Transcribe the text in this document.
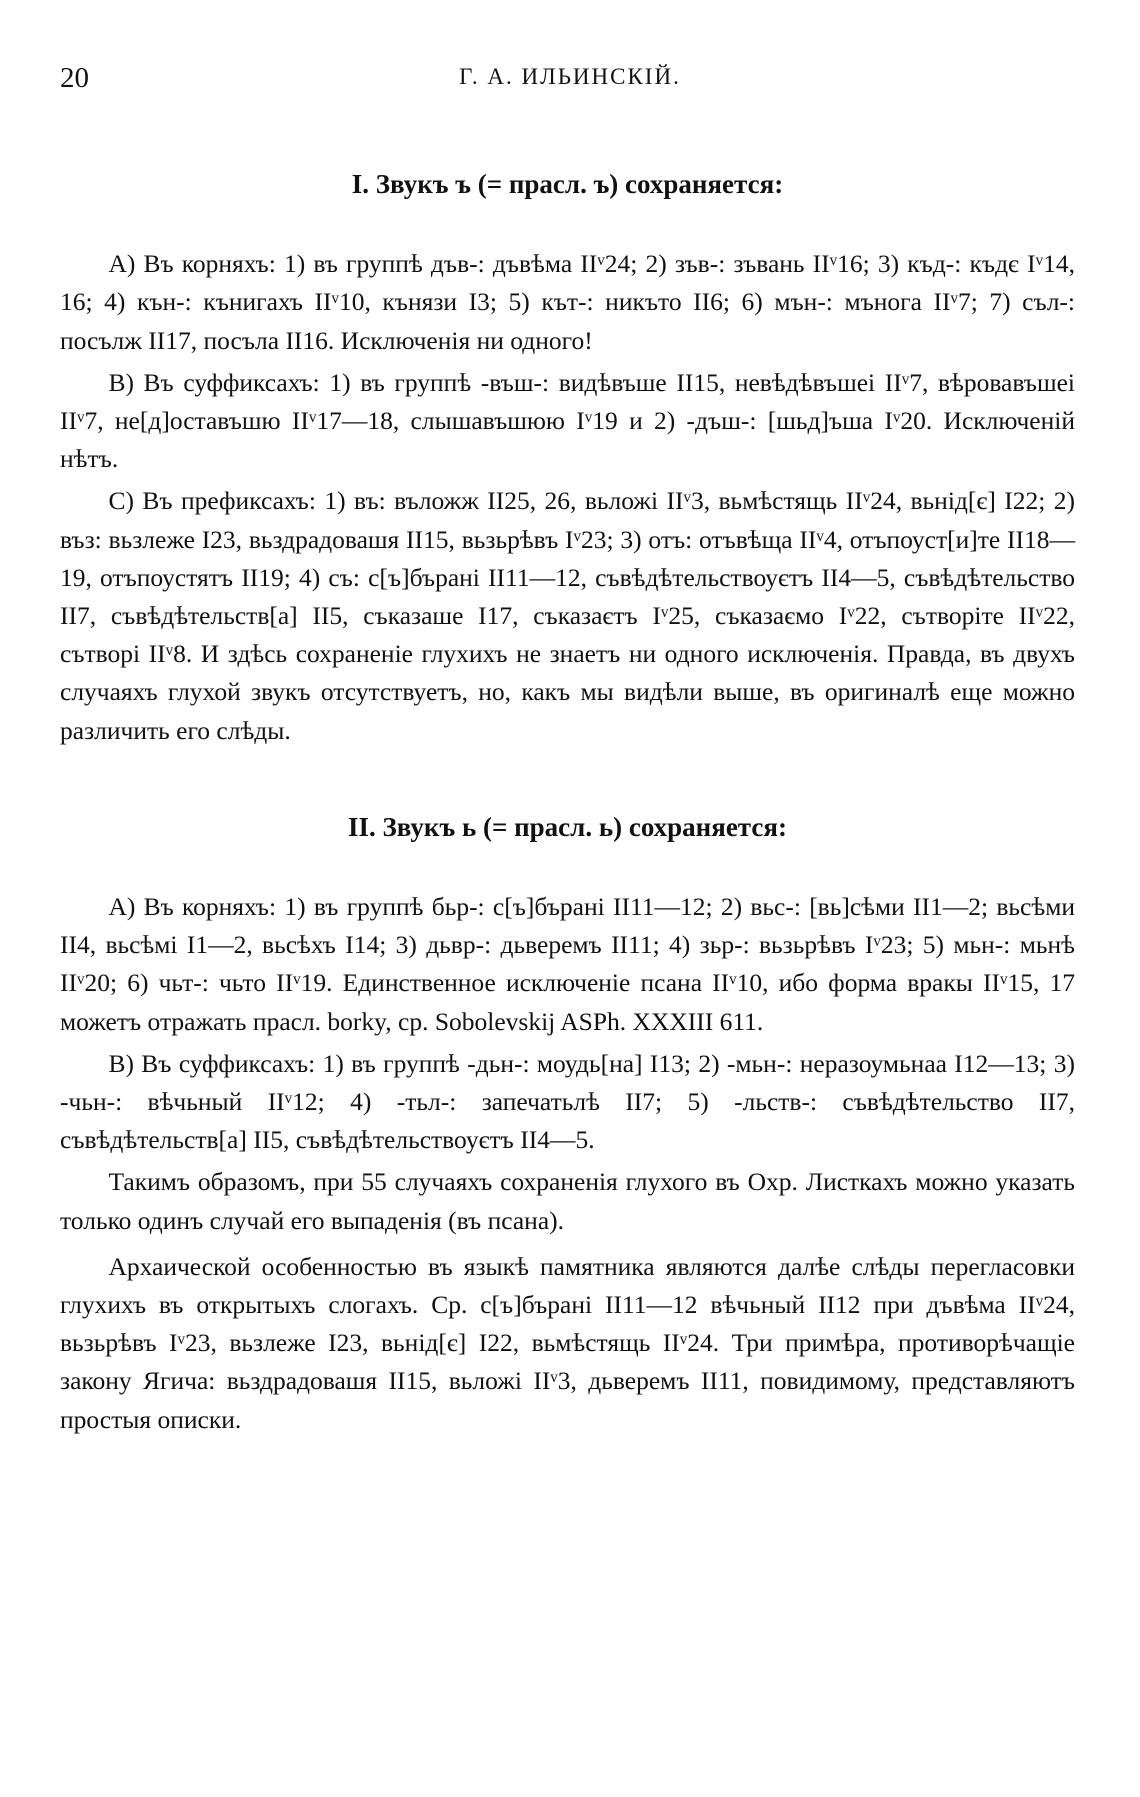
20	Г. А. ИЛЬИНСКІЙ.
I. Звукъ ъ (= прасл. ъ) сохраняется:

А) Въ корняхъ: 1) въ группѣ дъв-: дъвѣма IIᵛ24; 2) зъв-: зъвань IIᵛ16; 3) къд-: къдє Iᵛ14, 16; 4) кън-: кънигахъ IIᵛ10, кънязи I3; 5) кът-: никъто II6; 6) мън-: мънога IIᵛ7; 7) съл-: посълж II17, посъла II16. Исключенія ни одного!

В) Въ суффиксахъ: 1) въ группѣ -въш-: видѣвъше II15, невѣдѣвъшеі IIᵛ7, вѣровавъшеі IIᵛ7, не[д]оставъшю IIᵛ17—18, слышавъшюю Iᵛ19 и 2) -дъш-: [шьд]ъша Iᵛ20. Исключеній нѣтъ.

С) Въ префиксахъ: 1) въ: въложж II25, 26, вьложі IIᵛ3, вьмѣстящь IIᵛ24, вьнід[є] I22; 2) въз: вьзлеже I23, вьздрадовашя II15, вьзьрѣвъ Iᵛ23; 3) отъ: отъвѣща IIᵛ4, отъпоуст[и]те II18—19, отъпоустятъ II19; 4) съ: с[ъ]бърані II11—12, съвѣдѣтельствоуєтъ II4—5, съвѣдѣтельство II7, съвѣдѣтельств[а] II5, съказаше I17, съказаєтъ Iᵛ25, съказаємо Iᵛ22, сътворіте IIᵛ22, сътворі IIᵛ8. И здѣсь сохраненіе глухихъ не знаетъ ни одного исключенія. Правда, въ двухъ случаяхъ глухой звукъ отсутствуетъ, но, какъ мы видѣли выше, въ оригиналѣ еще можно различить его слѣды.

II. Звукъ ь (= прасл. ь) сохраняется:

А) Въ корняхъ: 1) въ группѣ бьр-: с[ъ]бърані II11—12; 2) вьс-: [вь]сѣми II1—2; вьсѣми II4, вьсѣмі I1—2, вьсѣхъ I14; 3) дьвр-: дьверемъ II11; 4) зьр-: вьзьрѣвъ Iᵛ23; 5) мьн-: мьнѣ IIᵛ20; 6) чьт-: чьто IIᵛ19. Единственное исключеніе псана IIᵛ10, ибо форма вракы IIᵛ15, 17 можетъ отражать прасл. borky, ср. Sobolevskij ASPh. XXXIII 611.

В) Въ суффиксахъ: 1) въ группѣ -дьн-: моудь[на] I13; 2) -мьн-: неразоумьнаа I12—13; 3) -чьн-: вѣчьный IIᵛ12; 4) -тьл-: запечатьлѣ II7; 5) -льств-: съвѣдѣтельство II7, съвѣдѣтельств[а] II5, съвѣдѣтельствоуєтъ II4—5.

Такимъ образомъ, при 55 случаяхъ сохраненія глухого въ Охр. Листкахъ можно указать только одинъ случай его выпаденія (въ псана).

Архаической особенностью въ языкѣ памятника являются далѣе слѣды перегласовки глухихъ въ открытыхъ слогахъ. Ср. с[ъ]бърані II11—12 вѣчьный II12 при дъвѣма IIᵛ24, вьзьрѣвъ Iᵛ23, вьзлеже I23, вьнід[є] I22, вьмѣстящь IIᵛ24. Три примѣра, противорѣчащіе закону Ягича: вьздрадовашя II15, вьложі IIᵛ3, дьверемъ II11, повидимому, представляютъ простыя описки.
